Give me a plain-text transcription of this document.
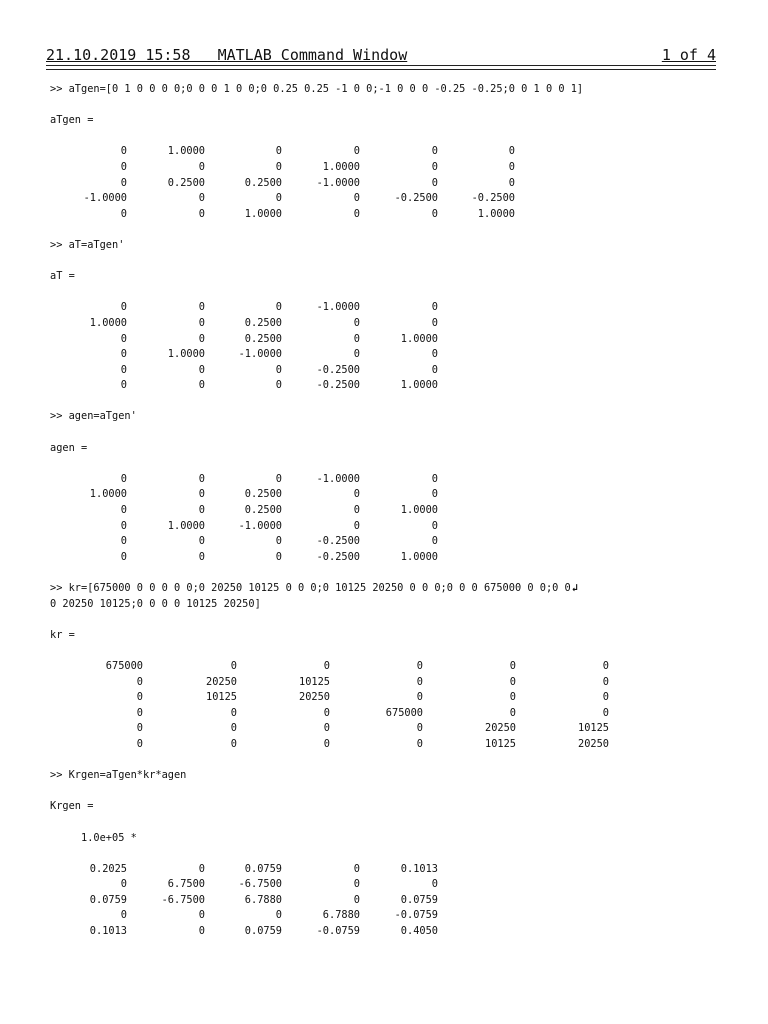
21.10.2019 15:58 MATLAB Command Window	1 of 4
>> aTgen=[0 1 0 0 0 0;0 0 0 1 0 0;0 0.25 0.25 -1 0 0;-1 0 0 0 -0.25 -0.25;0 0 1 0 0 1]
aTgen =
0	1.0000	0	0	0	0
0	0	0	1.0000	0	0
0	0.2500	0.2500	-1.0000	0	0
-1.0000	0	0	0	-0.2500	-0.2500
0	0	1.0000	0	0	1.0000
>> aT=aTgen'
aT =
0	0	0	-1.0000	0
1.0000	0	0.2500	0	0
0	0	0.2500	0	1.0000
0	1.0000	-1.0000	0	0
0	0	0	-0.2500	0
0	0	0	-0.2500	1.0000
>> agen=aTgen'
agen =
0	0	0	-1.0000	0
1.0000	0	0.2500	0	0
0	0	0.2500	0	1.0000
0	1.0000	-1.0000	0	0
0	0	0	-0.2500	0
0	0	0	-0.2500	1.0000
>> kr=[675000 0 0 0 0 0;0 20250 10125 0 0 0;0 10125 20250 0 0 0;0 0 0 675000 0 0;0 0↲
0 20250 10125;0 0 0 0 10125 20250]
kr =
675000	0	0	0	0	0
0	20250	10125	0	0	0
0	10125	20250	0	0	0
0	0	0	675000	0	0
0	0	0	0	20250	10125
0	0	0	0	10125	20250
>> Krgen=aTgen*kr*agen
Krgen =
1.0e+05 *
0.2025	0	0.0759	0	0.1013
0	6.7500	-6.7500	0	0
0.0759	-6.7500	6.7880	0	0.0759
0	0	0	6.7880	-0.0759
0.1013	0	0.0759	-0.0759	0.4050
